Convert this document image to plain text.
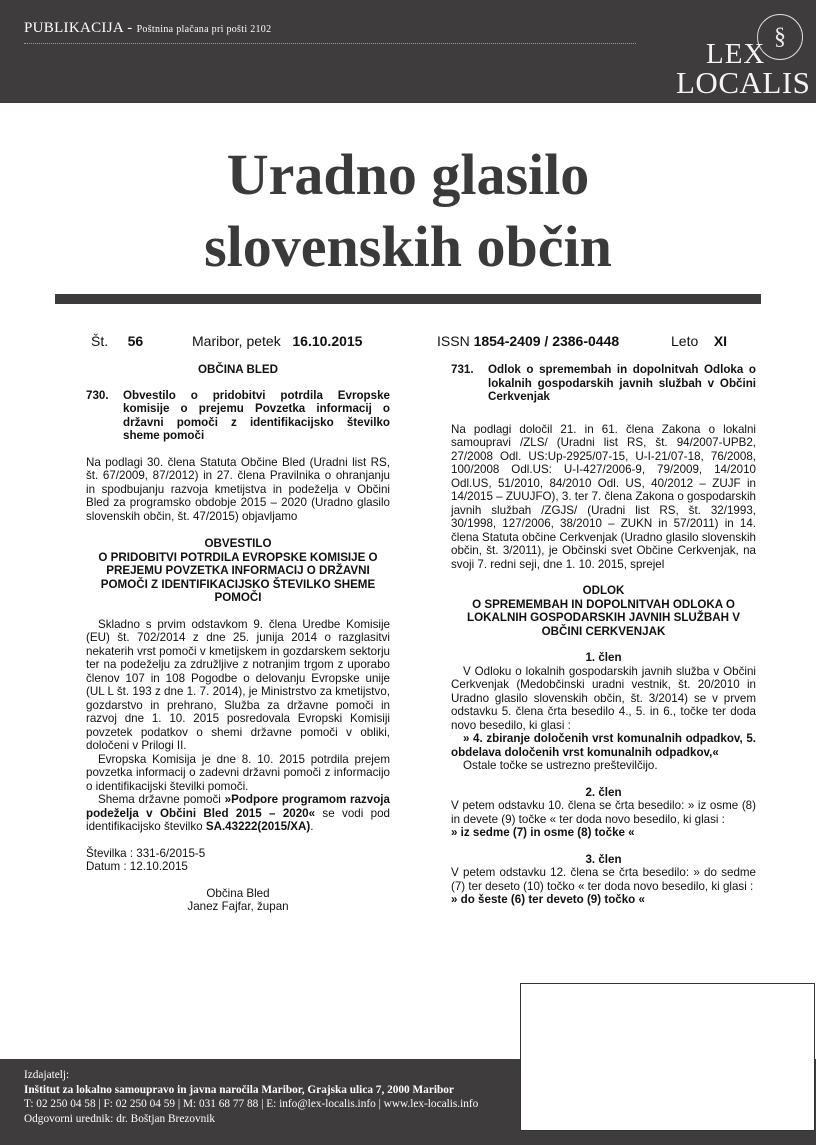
PUBLIKACIJA - Poštnina plačana pri pošti 2102	§
LEX
LOCALIS
Uradno glasilo
slovenskih občin
Št. 56	Maribor, petek 16.10.2015	ISSN 1854-2409 / 2386-0448	Leto XI

OBČINA BLED

730.	Obvestilo o pridobitvi potrdila Evropske komisije o prejemu Povzetka informacij o državni pomoči z identifikacijsko številko sheme pomoči

Na podlagi 30. člena Statuta Občine Bled (Uradni list RS, št. 67/2009, 87/2012) in 27. člena Pravilnika o ohranjanju in spodbujanju razvoja kmetijstva in podeželja v Občini Bled za programsko obdobje 2015 – 2020 (Uradno glasilo slovenskih občin, št. 47/2015) objavljamo

OBVESTILO

O PRIDOBITVI POTRDILA EVROPSKE KOMISIJE O PREJEMU POVZETKA INFORMACIJ O DRŽAVNI POMOČI Z IDENTIFIKACIJSKO ŠTEVILKO SHEME POMOČI

Skladno s prvim odstavkom 9. člena Uredbe Komisije (EU) št. 702/2014 z dne 25. junija 2014 o razglasitvi nekaterih vrst pomoči v kmetijskem in gozdarskem sektorju ter na podeželju za združljive z notranjim trgom z uporabo členov 107 in 108 Pogodbe o delovanju Evropske unije (UL L št. 193 z dne 1. 7. 2014), je Ministrstvo za kmetijstvo, gozdarstvo in prehrano, Služba za državne pomoči in razvoj dne 1. 10. 2015 posredovala Evropski Komisiji povzetek podatkov o shemi državne pomoči v obliki, določeni v Prilogi II.

Evropska Komisija je dne 8. 10. 2015 potrdila prejem povzetka informacij o zadevni državni pomoči z informacijo o identifikacijski številki pomoči.

Shema državne pomoči »Podpore programom razvoja podeželja v Občini Bled 2015 – 2020« se vodi pod identifikacijsko številko SA.43222(2015/XA).

Številka : 331-6/2015-5

Datum : 12.10.2015

Občina Bled

Janez Fajfar, župan

731.	Odlok o spremembah in dopolnitvah Odloka o lokalnih gospodarskih javnih službah v Občini Cerkvenjak

Na podlagi določil 21. in 61. člena Zakona o lokalni samoupravi /ZLS/ (Uradni list RS, št. 94/2007-UPB2, 27/2008 Odl. US:Up-2925/07-15, U-I-21/07-18, 76/2008, 100/2008 Odl.US: U-I-427/2006-9, 79/2009, 14/2010 Odl.US, 51/2010, 84/2010 Odl. US, 40/2012 – ZUJF in 14/2015 – ZUUJFO), 3. ter 7. člena Zakona o gospodarskih javnih službah /ZGJS/ (Uradni list RS, št. 32/1993, 30/1998, 127/2006, 38/2010 – ZUKN in 57/2011) in 14. člena Statuta občine Cerkvenjak (Uradno glasilo slovenskih občin, št. 3/2011), je Občinski svet Občine Cerkvenjak, na svoji 7. redni seji, dne 1. 10. 2015, sprejel

ODLOK

O SPREMEMBAH IN DOPOLNITVAH ODLOKA O LOKALNIH GOSPODARSKIH JAVNIH SLUŽBAH V OBČINI CERKVENJAK

1. člen

V Odloku o lokalnih gospodarskih javnih služba v Občini Cerkvenjak (Medobčinski uradni vestnik, št. 20/2010 in Uradno glasilo slovenskih občin, št. 3/2014) se v prvem odstavku 5. člena črta besedilo 4., 5. in 6., točke ter doda novo besedilo, ki glasi :

» 4. zbiranje določenih vrst komunalnih odpadkov, 5. obdelava določenih vrst komunalnih odpadkov,«

Ostale točke se ustrezno preštevilčijo.

2. člen

V petem odstavku 10. člena se črta besedilo: » iz osme (8) in devete (9) točke « ter doda novo besedilo, ki glasi :

» iz sedme (7) in osme (8) točke «

3. člen

V petem odstavku 12. člena se črta besedilo: » do sedme (7) ter deseto (10) točko « ter doda novo besedilo, ki glasi :

» do šeste (6) ter deveto (9) točko «

Izdajatelj:
Inštitut za lokalno samoupravo in javna naročila Maribor, Grajska ulica 7, 2000 Maribor
T: 02 250 04 58 | F: 02 250 04 59 | M: 031 68 77 88 | E: info@lex-localis.info | www.lex-localis.info
Odgovorni urednik: dr. Boštjan Brezovnik
